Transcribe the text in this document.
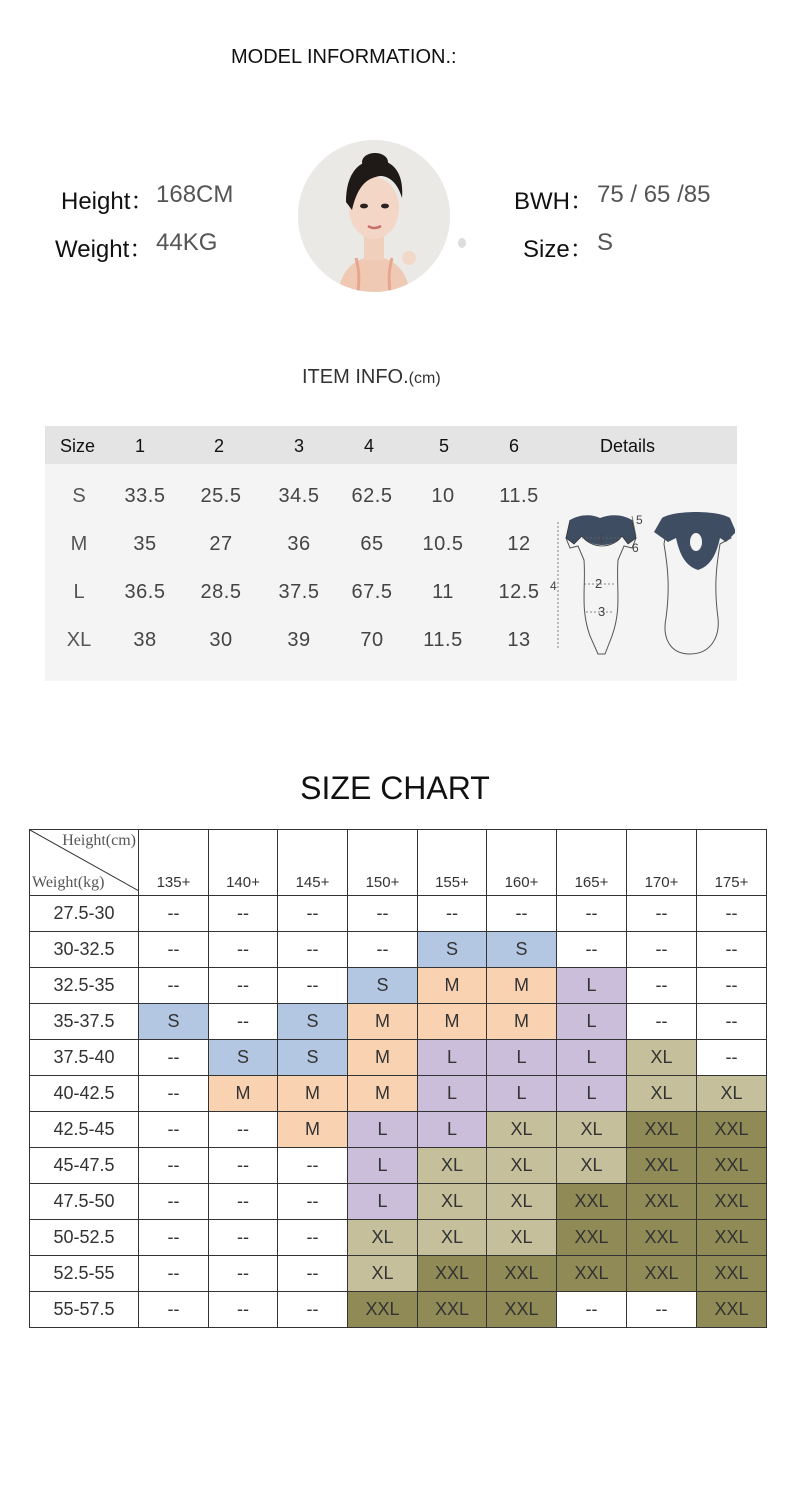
MODEL INFORMATION.:
Height： 168CM
Weight： 44KG
BWH： 75 / 65 /85
Size： S
ITEM INFO.(cm)
Size 1	2	3	4	5	6	Details
S	33.5	25.5	34.5	62.5	10	11.5
M	35	27	36	65	10.5	12
L	36.5	28.5	37.5	67.5	11	12.5
XL	38	30	39	70	11.5	13
1
2
3
4
5
6
SIZE CHART
Height(cm)
Weight(kg)	135+	140+	145+	150+	155+	160+	165+	170+	175+
27.5-30	--	--	--	--	--	--	--	--	--
30-32.5	--	--	--	--	S	S	--	--	--
32.5-35	--	--	--	S	M	M	L	--	--
35-37.5	S	--	S	M	M	M	L	--	--
37.5-40	--	S	S	M	L	L	L	XL	--
40-42.5	--	M	M	M	L	L	L	XL	XL
42.5-45	--	--	M	L	L	XL	XL	XXL	XXL
45-47.5	--	--	--	L	XL	XL	XL	XXL	XXL
47.5-50	--	--	--	L	XL	XL	XXL	XXL	XXL
50-52.5	--	--	--	XL	XL	XL	XXL	XXL	XXL
52.5-55	--	--	--	XL	XXL	XXL	XXL	XXL	XXL
55-57.5	--	--	--	XXL	XXL	XXL	--	--	XXL
